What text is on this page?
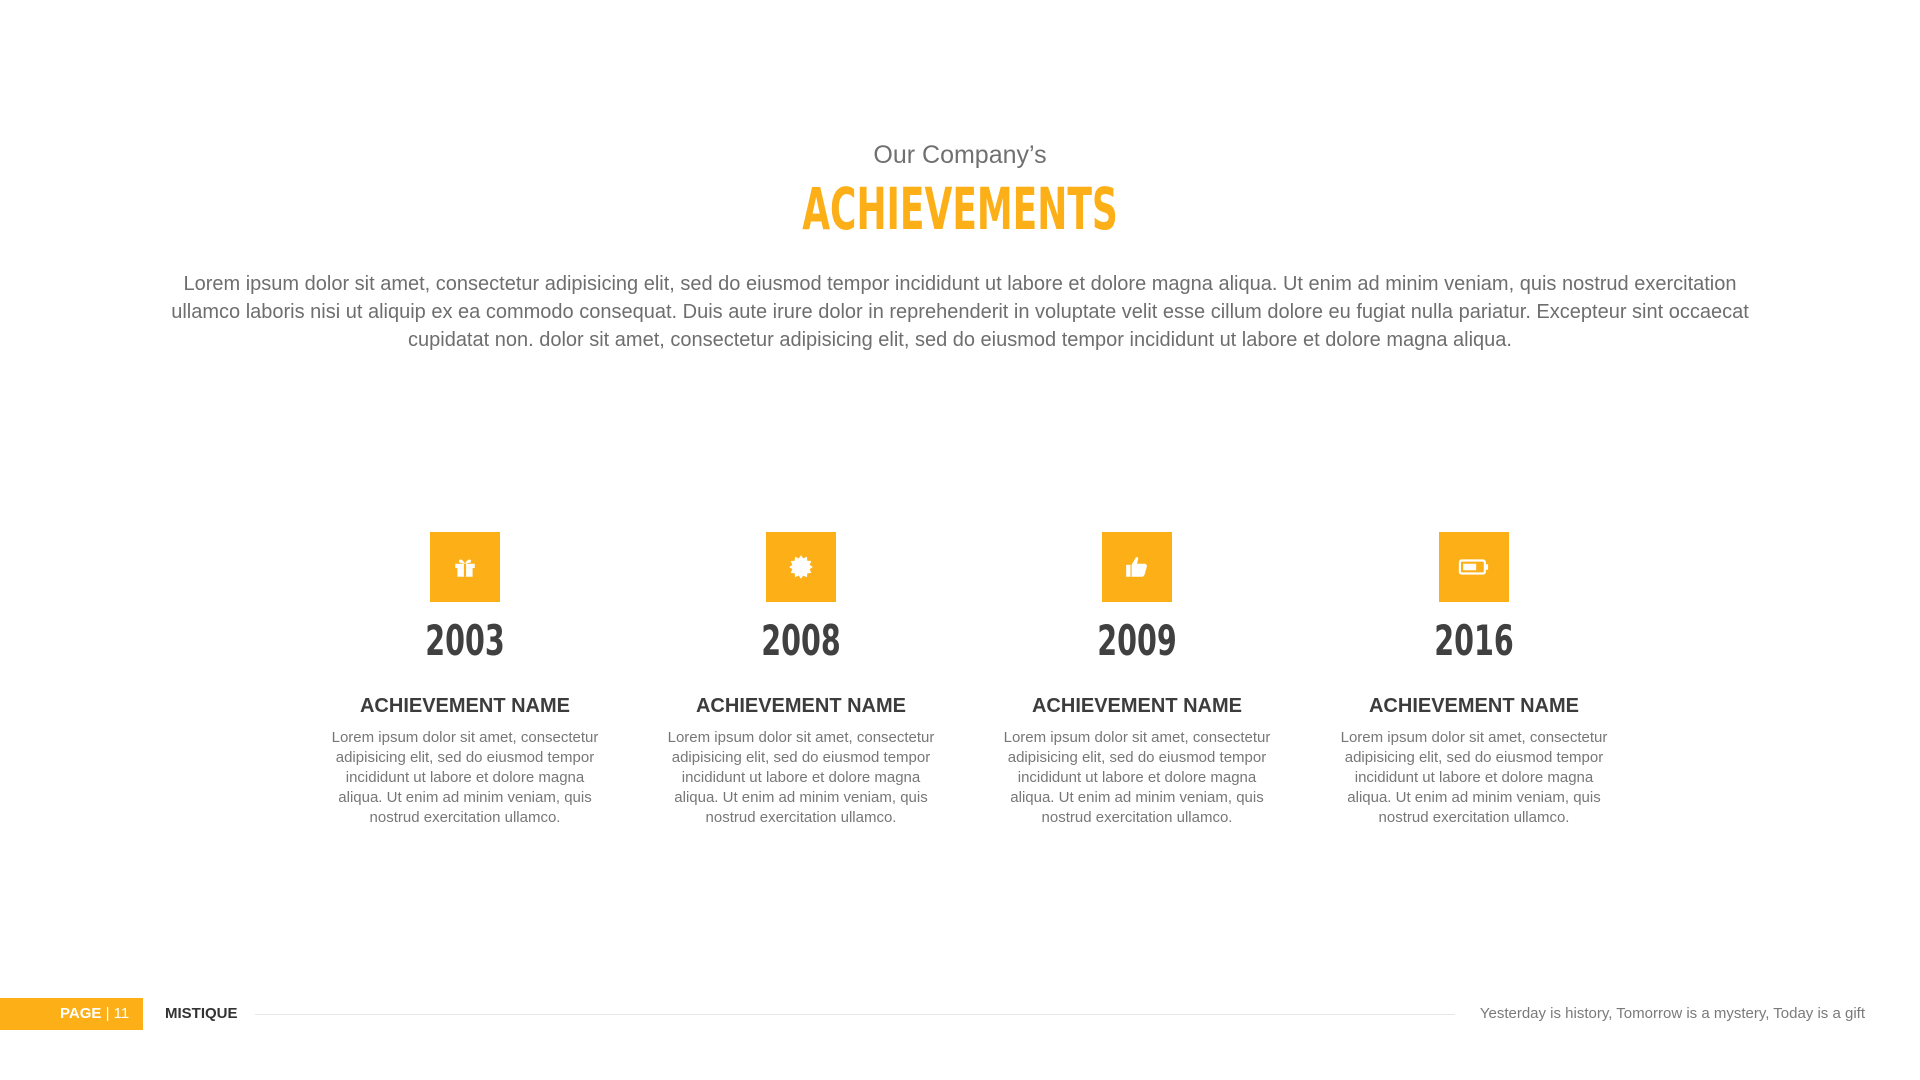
Our Company’s
ACHIEVEMENTS
Lorem ipsum dolor sit amet, consectetur adipisicing elit, sed do eiusmod tempor incididunt ut labore et dolore magna aliqua. Ut enim ad minim veniam, quis nostrud exercitation ullamco laboris nisi ut aliquip ex ea commodo consequat. Duis aute irure dolor in reprehenderit in voluptate velit esse cillum dolore eu fugiat nulla pariatur. Excepteur sint occaecat cupidatat non. dolor sit amet, consectetur adipisicing elit, sed do eiusmod tempor incididunt ut labore et dolore magna aliqua.
2003
ACHIEVEMENT NAME
Lorem ipsum dolor sit amet, consectetur adipisicing elit, sed do eiusmod tempor incididunt ut labore et dolore magna aliqua. Ut enim ad minim veniam, quis nostrud exercitation ullamco.
2008
ACHIEVEMENT NAME
Lorem ipsum dolor sit amet, consectetur adipisicing elit, sed do eiusmod tempor incididunt ut labore et dolore magna aliqua. Ut enim ad minim veniam, quis nostrud exercitation ullamco.
2009
ACHIEVEMENT NAME
Lorem ipsum dolor sit amet, consectetur adipisicing elit, sed do eiusmod tempor incididunt ut labore et dolore magna aliqua. Ut enim ad minim veniam, quis nostrud exercitation ullamco.
2016
ACHIEVEMENT NAME
Lorem ipsum dolor sit amet, consectetur adipisicing elit, sed do eiusmod tempor incididunt ut labore et dolore magna aliqua. Ut enim ad minim veniam, quis nostrud exercitation ullamco.
PAGE | 11	MISTIQUE	Yesterday is history, Tomorrow is a mystery, Today is a gift
